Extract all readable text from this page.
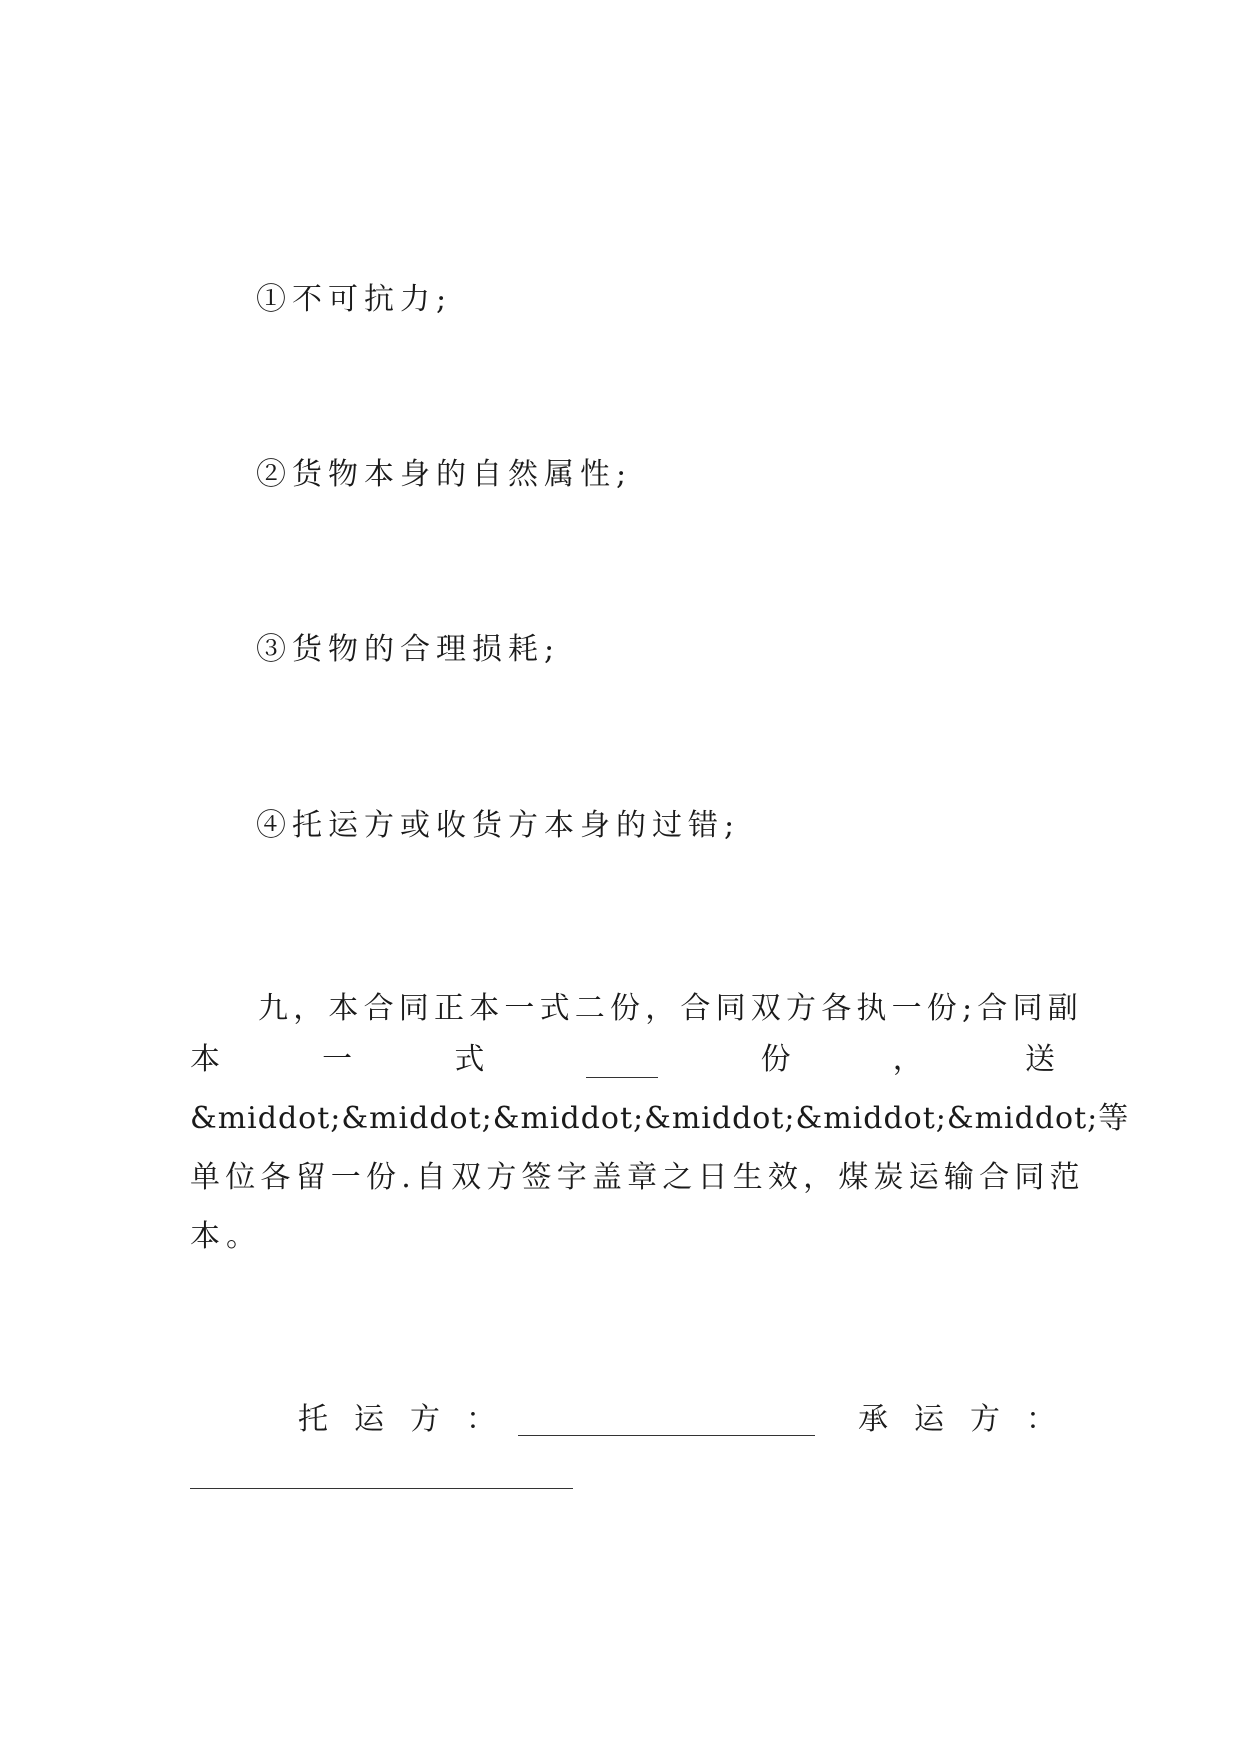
①不可抗力;
②货物本身的自然属性;
③货物的合理损耗;
④托运方或收货方本身的过错;
九，本合同正本一式二份，合同双方各执一份;合同副
本	一	式	份	，	送
&middot;&middot;&middot;&middot;&middot;&middot; 等
单位各留一份.自双方签字盖章之日生效，煤炭运输合同范
本。
托运方：	承运方：
